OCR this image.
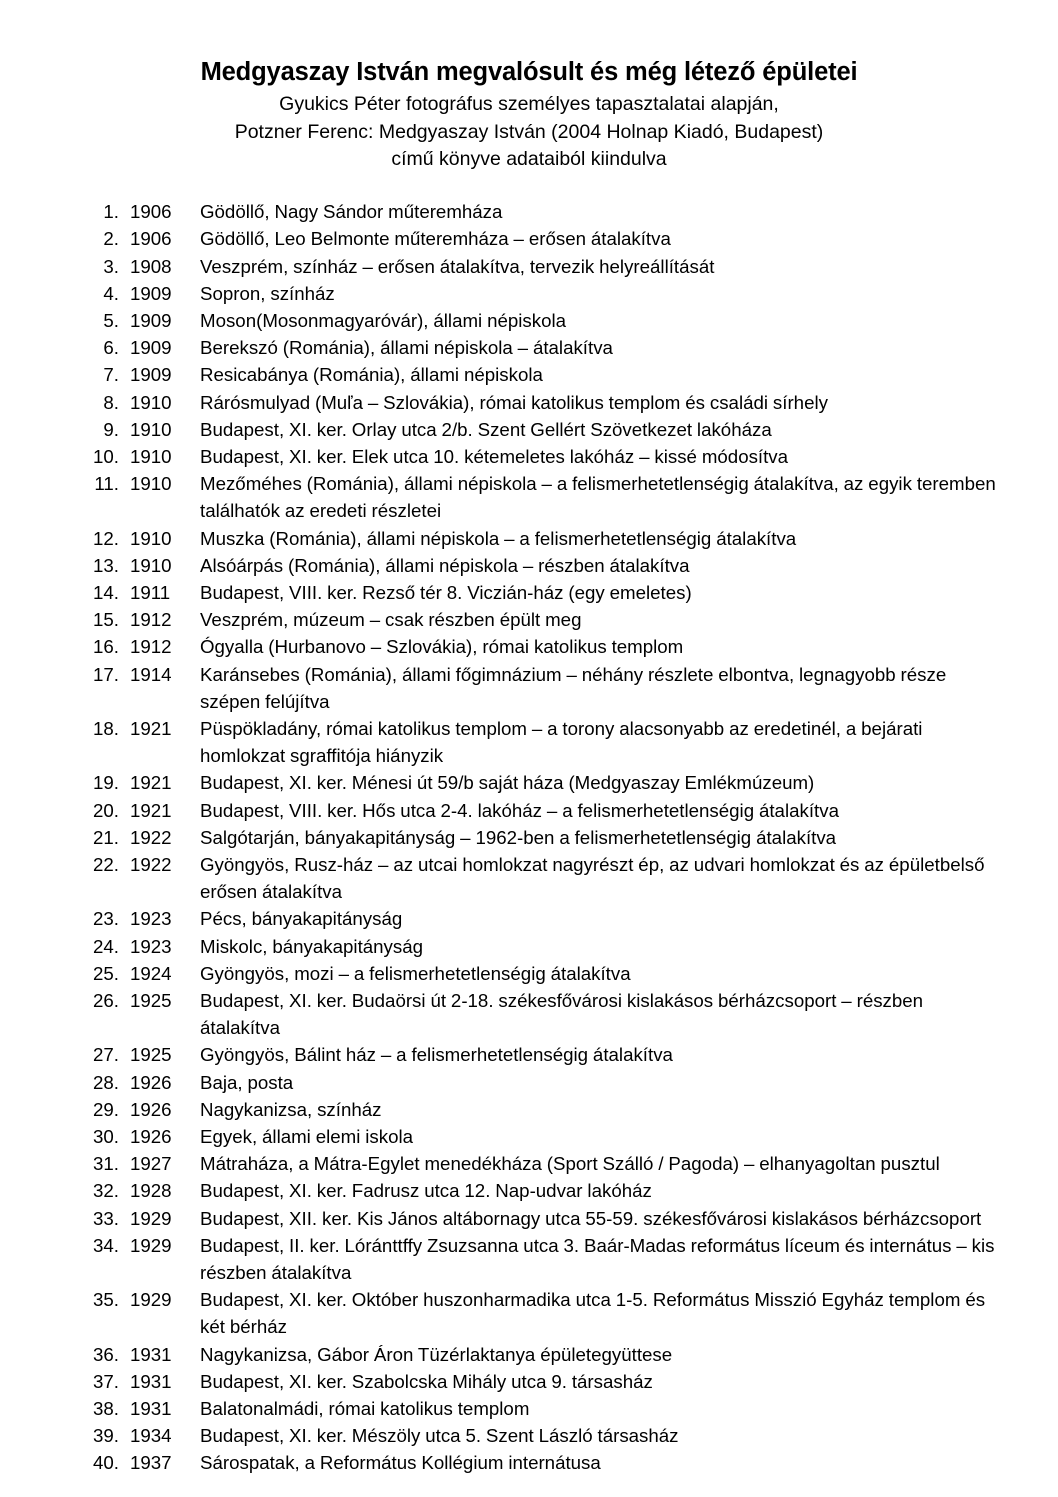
Medgyaszay István megvalósult és még létező épületei
Gyukics Péter fotográfus személyes tapasztalatai alapján,
Potzner Ferenc: Medgyaszay István (2004 Holnap Kiadó, Budapest)
című könyve adataiból kiindulva
1. 1906	Gödöllő, Nagy Sándor műteremháza
2. 1906	Gödöllő, Leo Belmonte műteremháza – erősen átalakítva
3. 1908	Veszprém, színház – erősen átalakítva, tervezik helyreállítását
4. 1909	Sopron, színház
5. 1909	Moson(Mosonmagyaróvár), állami népiskola
6. 1909	Berekszó (Románia), állami népiskola – átalakítva
7. 1909	Resicabánya (Románia), állami népiskola
8. 1910	Rárósmulyad (Muľa – Szlovákia), római katolikus templom és családi sírhely
9. 1910	Budapest, XI. ker. Orlay utca 2/b. Szent Gellért Szövetkezet lakóháza
10. 1910	Budapest, XI. ker. Elek utca 10. kétemeletes lakóház – kissé módosítva
11. 1910	Mezőméhes (Románia), állami népiskola – a felismerhetetlenségig átalakítva, az egyik teremben találhatók az eredeti részletei
12. 1910	Muszka (Románia), állami népiskola – a felismerhetetlenségig átalakítva
13. 1910	Alsóárpás (Románia), állami népiskola – részben átalakítva
14. 1911	Budapest, VIII. ker. Rezső tér 8. Viczián-ház (egy emeletes)
15. 1912	Veszprém, múzeum – csak részben épült meg
16. 1912	Ógyalla (Hurbanovo – Szlovákia), római katolikus templom
17. 1914	Karánsebes (Románia), állami főgimnázium – néhány részlete elbontva, legnagyobb része szépen felújítva
18. 1921	Püspökladány, római katolikus templom – a torony alacsonyabb az eredetinél, a bejárati homlokzat sgraffitója hiányzik
19. 1921	Budapest, XI. ker. Ménesi út 59/b saját háza (Medgyaszay Emlékmúzeum)
20. 1921	Budapest, VIII. ker. Hős utca 2-4. lakóház – a felismerhetetlenségig átalakítva
21. 1922	Salgótarján, bányakapitányság – 1962-ben a felismerhetetlenségig átalakítva
22. 1922	Gyöngyös, Rusz-ház – az utcai homlokzat nagyrészt ép, az udvari homlokzat és az épületbelső erősen átalakítva
23. 1923	Pécs, bányakapitányság
24. 1923	Miskolc, bányakapitányság
25. 1924	Gyöngyös, mozi – a felismerhetetlenségig átalakítva
26. 1925	Budapest, XI. ker. Budaörsi út 2-18. székesfővárosi kislakásos bérházcsoport – részben átalakítva
27. 1925	Gyöngyös, Bálint ház – a felismerhetetlenségig átalakítva
28. 1926	Baja, posta
29. 1926	Nagykanizsa, színház
30. 1926	Egyek, állami elemi iskola
31. 1927	Mátraháza, a Mátra-Egylet menedékháza (Sport Szálló / Pagoda) – elhanyagoltan pusztul
32. 1928	Budapest, XI. ker. Fadrusz utca 12. Nap-udvar lakóház
33. 1929	Budapest, XII. ker. Kis János altábornagy utca 55-59. székesfővárosi kislakásos bérházcsoport
34. 1929	Budapest, II. ker. Lóránttffy Zsuzsanna utca 3. Baár-Madas református líceum és internátus – kis részben átalakítva
35. 1929	Budapest, XI. ker. Október huszonharmadika utca 1-5. Református Misszió Egyház templom és két bérház
36. 1931	Nagykanizsa, Gábor Áron Tüzérlaktanya épületegyüttese
37. 1931	Budapest, XI. ker. Szabolcska Mihály utca 9. társasház
38. 1931	Balatonalmádi, római katolikus templom
39. 1934	Budapest, XI. ker. Mészöly utca 5. Szent László társasház
40. 1937	Sárospatak, a Református Kollégium internátusa
